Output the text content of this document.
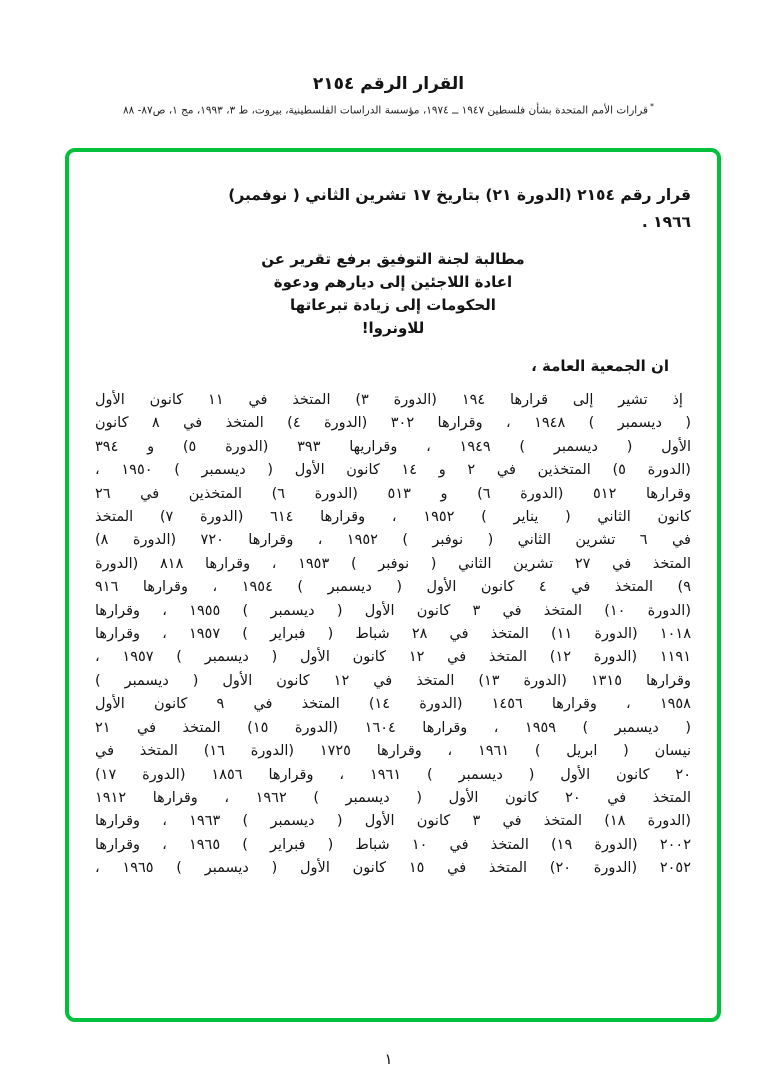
القرار الرقم ٢١٥٤
*قرارات الأمم المتحدة بشأن فلسطين ١٩٤٧ ــ ١٩٧٤، مؤسسة الدراسات الفلسطينية، بيروت، ط ٣، ١٩٩٣، مج ١، ص٨٧- ٨٨
قرار رقم ٢١٥٤ (الدورة ٢١) بتاريخ ١٧ تشرين الثاني ( نوفمبر)
١٩٦٦ .
مطالبة لجنة التوفيق برفع تقرير عن
اعادة اللاجئين إلى ديارهم ودعوة
الحكومات إلى زيادة تبرعاتها
للاونروا!
ان الجمعية العامة ،
إذ تشير إلى قرارها ١٩٤ (الدورة ٣) المتخذ في ١١ كانون الأول
( ديسمبر ) ١٩٤٨ ، وقرارها ٣٠٢ (الدورة ٤) المتخذ في ٨ كانون
الأول ( ديسمبر ) ١٩٤٩ ، وقراريها ٣٩٣ (الدورة ٥) و ٣٩٤
(الدورة ٥) المتخذين في ٢ و ١٤ كانون الأول ( ديسمبر ) ١٩٥٠ ،
وقرارها ٥١٢ (الدورة ٦) و ٥١٣ (الدورة ٦) المتخذين في ٢٦
كانون الثاني ( يناير ) ١٩٥٢ ، وقرارها ٦١٤ (الدورة ٧) المتخذ
في ٦ تشرين الثاني ( نوفبر ) ١٩٥٢ ، وقرارها ٧٢٠ (الدورة ٨)
المتخذ في ٢٧ تشرين الثاني ( نوفبر ) ١٩٥٣ ، وقرارها ٨١٨ (الدورة
٩) المتخذ في ٤ كانون الأول ( ديسمبر ) ١٩٥٤ ، وقرارها ٩١٦
(الدورة ١٠) المتخذ في ٣ كانون الأول ( ديسمبر ) ١٩٥٥ ، وقرارها
١٠١٨ (الدورة ١١) المتخذ في ٢٨ شباط ( فبراير ) ١٩٥٧ ، وقرارها
١١٩١ (الدورة ١٢) المتخذ في ١٢ كانون الأول ( ديسمبر ) ١٩٥٧ ،
وقرارها ١٣١٥ (الدورة ١٣) المتخذ في ١٢ كانون الأول ( ديسمبر )
١٩٥٨ ، وقرارها ١٤٥٦ (الدورة ١٤) المتخذ في ٩ كانون الأول
( ديسمبر ) ١٩٥٩ ، وقرارها ١٦٠٤ (الدورة ١٥) المتخذ في ٢١
نيسان ( ابريل ) ١٩٦١ ، وقرارها ١٧٢٥ (الدورة ١٦) المتخذ في
٢٠ كانون الأول ( ديسمبر ) ١٩٦١ ، وقرارها ١٨٥٦ (الدورة ١٧)
المتخذ في ٢٠ كانون الأول ( ديسمبر ) ١٩٦٢ ، وقرارها ١٩١٢
(الدورة ١٨) المتخذ في ٣ كانون الأول ( ديسمبر ) ١٩٦٣ ، وقرارها
٢٠٠٢ (الدورة ١٩) المتخذ في ١٠ شباط ( فبراير ) ١٩٦٥ ، وقرارها
٢٠٥٢ (الدورة ٢٠) المتخذ في ١٥ كانون الأول ( ديسمبر ) ١٩٦٥ ،
١
